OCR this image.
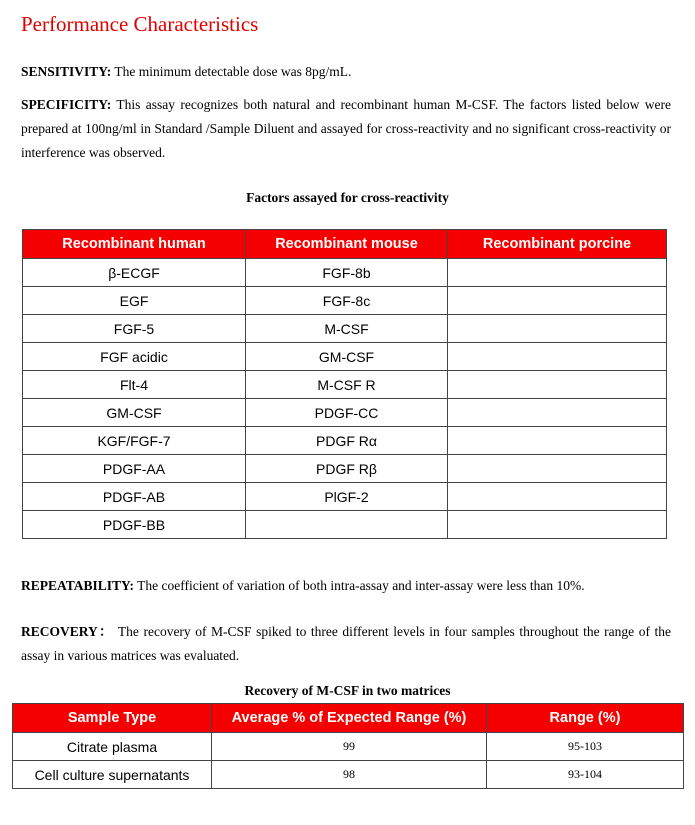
Performance Characteristics
SENSITIVITY: The minimum detectable dose was 8pg/mL.
SPECIFICITY: This assay recognizes both natural and recombinant human M-CSF. The factors listed below were prepared at 100ng/ml in Standard /Sample Diluent and assayed for cross-reactivity and no significant cross-reactivity or interference was observed.
Factors assayed for cross-reactivity
Recombinant human	Recombinant mouse	Recombinant porcine
β-ECGF	FGF-8b	
EGF	FGF-8c	
FGF-5	M-CSF	
FGF acidic	GM-CSF	
Flt-4	M-CSF R	
GM-CSF	PDGF-CC	
KGF/FGF-7	PDGF Rα	
PDGF-AA	PDGF Rβ	
PDGF-AB	PlGF-2	
PDGF-BB		
REPEATABILITY: The coefficient of variation of both intra-assay and inter-assay were less than 10%.
RECOVERY： The recovery of M-CSF spiked to three different levels in four samples throughout the range of the assay in various matrices was evaluated.
Recovery of M-CSF in two matrices
Sample Type	Average % of Expected Range (%)	Range (%)
Citrate plasma	99	95-103
Cell culture supernatants	98	93-104
